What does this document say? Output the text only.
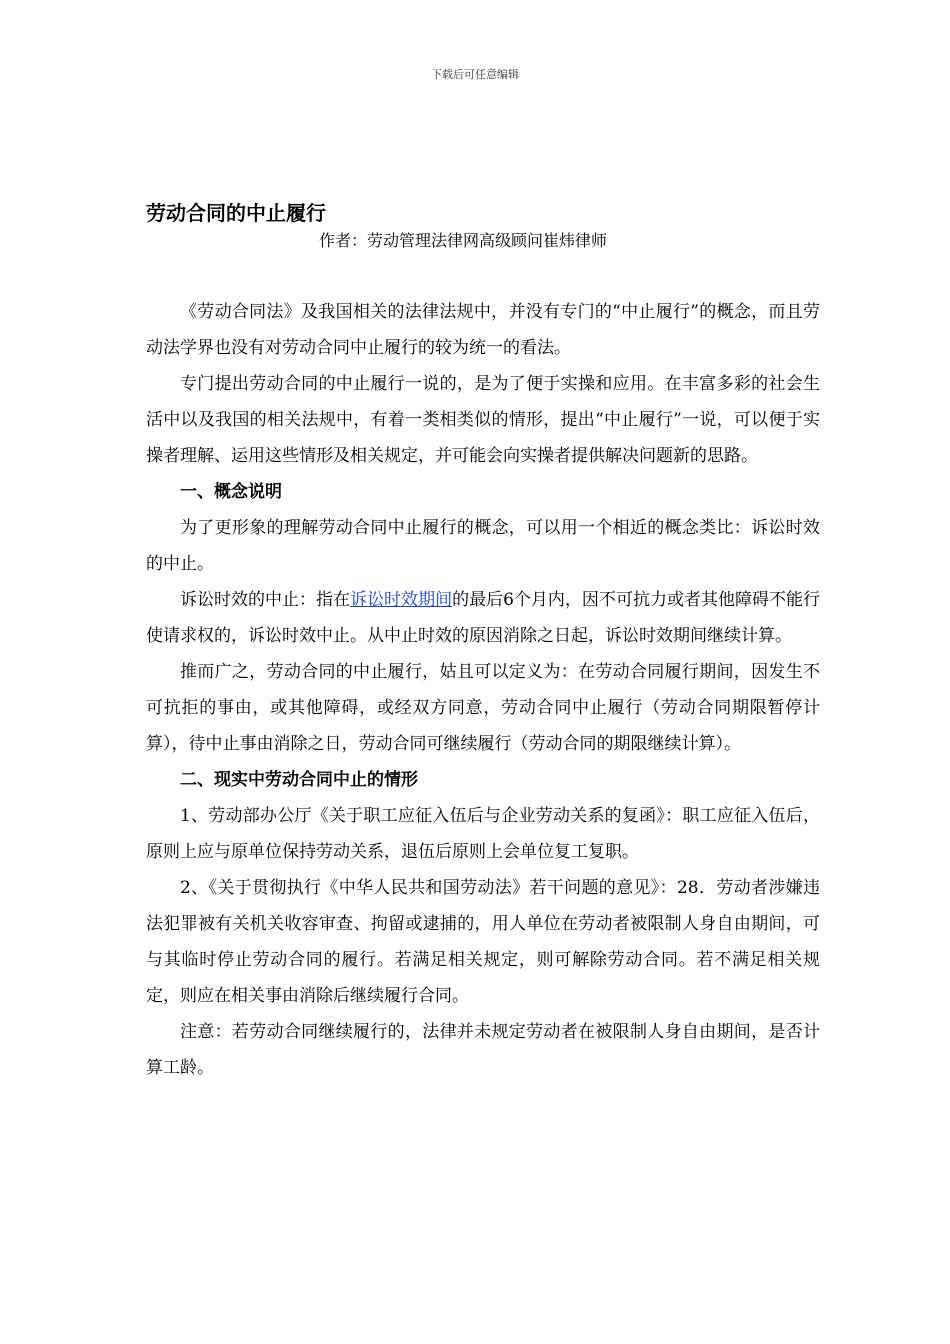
下载后可任意编辑
劳动合同的中止履行
作者：劳动管理法律网高级顾问崔炜律师

《劳动合同法》及我国相关的法律法规中，并没有专门的“中止履行”的概念，而且劳动法学界也没有对劳动合同中止履行的较为统一的看法。

专门提出劳动合同的中止履行一说的，是为了便于实操和应用。在丰富多彩的社会生活中以及我国的相关法规中，有着一类相类似的情形，提出“中止履行”一说，可以便于实操者理解、运用这些情形及相关规定，并可能会向实操者提供解决问题新的思路。

一、概念说明

为了更形象的理解劳动合同中止履行的概念，可以用一个相近的概念类比：诉讼时效的中止。

诉讼时效的中止：指在诉讼时效期间的最后6个月内，因不可抗力或者其他障碍不能行使请求权的，诉讼时效中止。从中止时效的原因消除之日起，诉讼时效期间继续计算。

推而广之，劳动合同的中止履行，姑且可以定义为：在劳动合同履行期间，因发生不可抗拒的事由，或其他障碍，或经双方同意，劳动合同中止履行（劳动合同期限暂停计算），待中止事由消除之日，劳动合同可继续履行（劳动合同的期限继续计算）。

二、现实中劳动合同中止的情形

1、劳动部办公厅《关于职工应征入伍后与企业劳动关系的复函》：职工应征入伍后，原则上应与原单位保持劳动关系，退伍后原则上会单位复工复职。

2、《关于贯彻执行《中华人民共和国劳动法》若干问题的意见》：28．劳动者涉嫌违法犯罪被有关机关收容审查、拘留或逮捕的，用人单位在劳动者被限制人身自由期间，可与其临时停止劳动合同的履行。若满足相关规定，则可解除劳动合同。若不满足相关规定，则应在相关事由消除后继续履行合同。

注意：若劳动合同继续履行的，法律并未规定劳动者在被限制人身自由期间，是否计算工龄。
